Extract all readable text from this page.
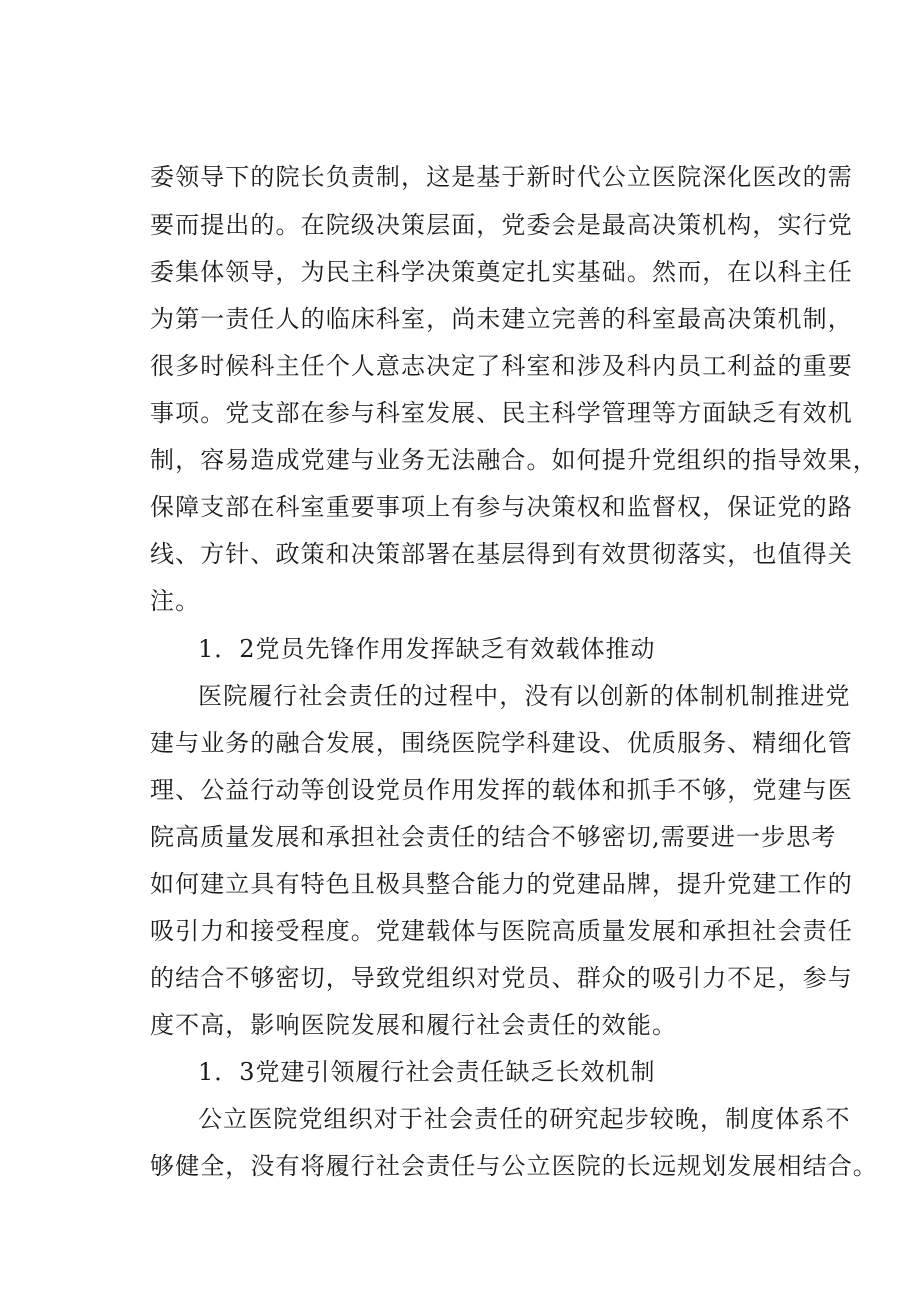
委领导下的院长负责制，这是基于新时代公立医院深化医改的需
要而提出的。在院级决策层面，党委会是最高决策机构，实行党
委集体领导，为民主科学决策奠定扎实基础。然而，在以科主任
为第一责任人的临床科室，尚未建立完善的科室最高决策机制，
很多时候科主任个人意志决定了科室和涉及科内员工利益的重要
事项。党支部在参与科室发展、民主科学管理等方面缺乏有效机
制，容易造成党建与业务无法融合。如何提升党组织的指导效果，
保障支部在科室重要事项上有参与决策权和监督权，保证党的路
线、方针、政策和决策部署在基层得到有效贯彻落实，也值得关
注。
1．2党员先锋作用发挥缺乏有效载体推动
医院履行社会责任的过程中，没有以创新的体制机制推进党
建与业务的融合发展，围绕医院学科建设、优质服务、精细化管
理、公益行动等创设党员作用发挥的载体和抓手不够，党建与医
院高质量发展和承担社会责任的结合不够密切,需要进一步思考
如何建立具有特色且极具整合能力的党建品牌，提升党建工作的
吸引力和接受程度。党建载体与医院高质量发展和承担社会责任
的结合不够密切，导致党组织对党员、群众的吸引力不足，参与
度不高，影响医院发展和履行社会责任的效能。
1．3党建引领履行社会责任缺乏长效机制
公立医院党组织对于社会责任的研究起步较晚，制度体系不
够健全，没有将履行社会责任与公立医院的长远规划发展相结合。
